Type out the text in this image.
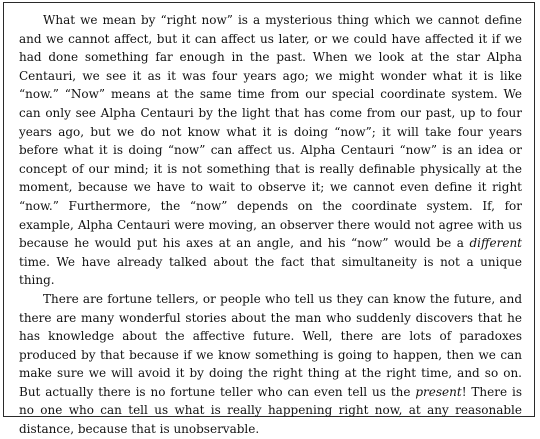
What we mean by “right now” is a mysterious thing which we cannot define and we cannot affect, but it can affect us later, or we could have affected it if we had done something far enough in the past. When we look at the star Alpha Centauri, we see it as it was four years ago; we might wonder what it is like “now.” “Now” means at the same time from our special coordinate system. We can only see Alpha Centauri by the light that has come from our past, up to four years ago, but we do not know what it is doing “now”; it will take four years before what it is doing “now” can affect us. Alpha Centauri “now” is an idea or concept of our mind; it is not something that is really definable physically at the moment, because we have to wait to observe it; we cannot even define it right “now.” Furthermore, the “now” depends on the coordinate system. If, for example, Alpha Centauri were moving, an observer there would not agree with us because he would put his axes at an angle, and his “now” would be a different time. We have already talked about the fact that simultaneity is not a unique thing.

There are fortune tellers, or people who tell us they can know the future, and there are many wonderful stories about the man who suddenly discovers that he has knowledge about the affective future. Well, there are lots of paradoxes produced by that because if we know something is going to happen, then we can make sure we will avoid it by doing the right thing at the right time, and so on. But actually there is no fortune teller who can even tell us the present! There is no one who can tell us what is really happening right now, at any reasonable distance, because that is unobservable.
